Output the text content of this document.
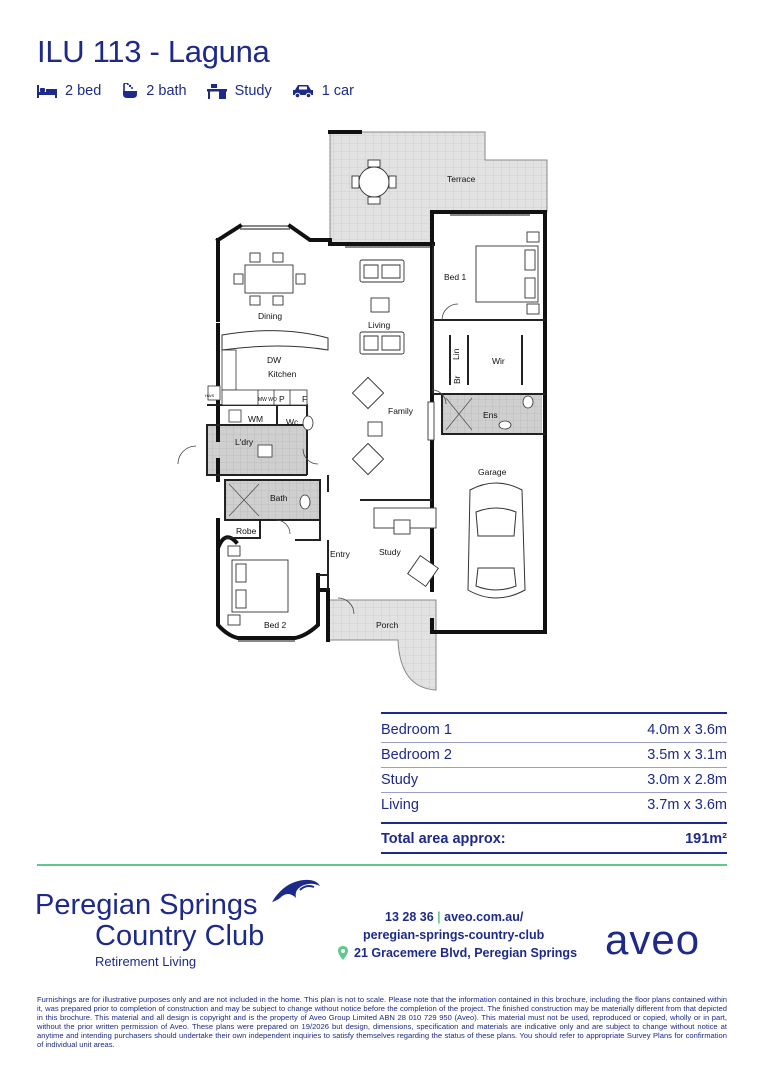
ILU 113 - Laguna
2 bed	2 bath	Study	1 car
Terrace
Bed 1
Dining
Living
DW
Kitchen
Lin
Wir
Br
MW WO P F
WM	Wc
Family	Ens
L'dry
Garage
Bath
Robe
Entry	Study
Bed 2	Porch
HWS
Bedroom 1	4.0m x 3.6m
Bedroom 2	3.5m x 3.1m
Study	3.0m x 2.8m
Living	3.7m x 3.6m
Total area approx:	191m²
Peregian Springs
Country Club
Retirement Living
13 28 36 | aveo.com.au/
peregian-springs-country-club
21 Gracemere Blvd, Peregian Springs aveo
Furnishings are for illustrative purposes only and are not included in the home. This plan is not to scale. Please note that the information contained in this brochure, including the floor plans contained within it, was prepared prior to completion of construction and may be subject to change without notice before the completion of the project. The finished construction may be materially different from that depicted in this brochure. This material and all design is copyright and is the property of Aveo Group Limited ABN 28 010 729 950 (Aveo). This material must not be used, reproduced or copied, wholly or in part, without the prior written permission of Aveo. These plans were prepared on 19/2026 but design, dimensions, specification and materials are indicative only and are subject to change without notice at anytime and intending purchasers should undertake their own independent inquiries to satisfy themselves regarding the status of these plans. You should refer to appropriate Survey Plans for confirmation of individual unit areas.
